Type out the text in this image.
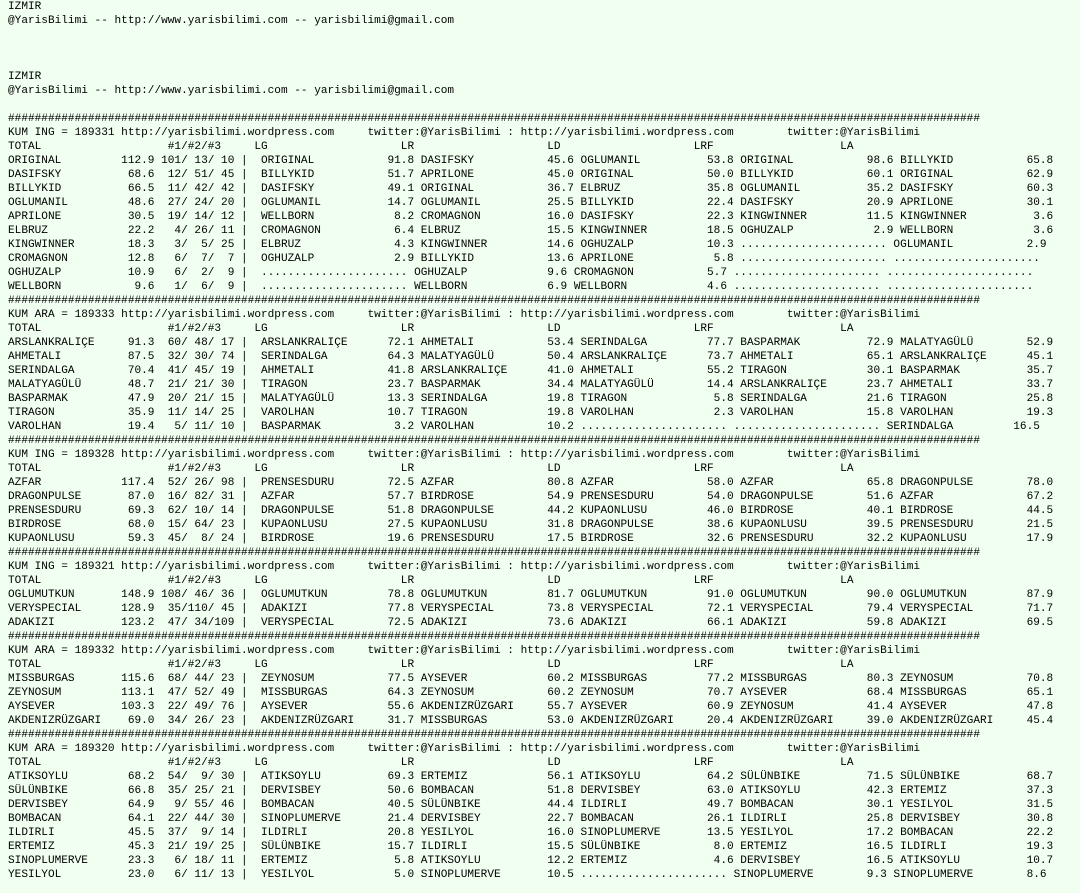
IZMIR
@YarisBilimi -- http://www.yarisbilimi.com -- yarisbilimi@gmail.com
IZMIR
@YarisBilimi -- http://www.yarisbilimi.com -- yarisbilimi@gmail.com
##################################################################################################################################################
KUM ING = 189331 http://yarisbilimi.wordpress.com     twitter:@YarisBilimi : http://yarisbilimi.wordpress.com        twitter:@YarisBilimi
TOTAL                   #1/#2/#3     LG                    LR                    LD                    LRF                   LA
ORIGINAL         112.9 101/ 13/ 10 |  ORIGINAL           91.8 DASIFSKY           45.6 OGLUMANIL          53.8 ORIGINAL           98.6 BILLYKID           65.8
DASIFSKY          68.6  12/ 51/ 45 |  BILLYKID           51.7 APRILONE           45.0 ORIGINAL           50.0 BILLYKID           60.1 ORIGINAL           62.9
BILLYKID          66.5  11/ 42/ 42 |  DASIFSKY           49.1 ORIGINAL           36.7 ELBRUZ             35.8 OGLUMANIL          35.2 DASIFSKY           60.3
OGLUMANIL         48.6  27/ 24/ 20 |  OGLUMANIL          14.7 OGLUMANIL          25.5 BILLYKID           22.4 DASIFSKY           20.9 APRILONE           30.1
APRILONE          30.5  19/ 14/ 12 |  WELLBORN            8.2 CROMAGNON          16.0 DASIFSKY           22.3 KINGWINNER         11.5 KINGWINNER          3.6
ELBRUZ            22.2   4/ 26/ 11 |  CROMAGNON           6.4 ELBRUZ             15.5 KINGWINNER         18.5 OGHUZALP            2.9 WELLBORN            3.6
KINGWINNER        18.3   3/  5/ 25 |  ELBRUZ              4.3 KINGWINNER         14.6 OGHUZALP           10.3 ...................... OGLUMANIL           2.9
CROMAGNON         12.8   6/  7/  7 |  OGHUZALP            2.9 BILLYKID           13.6 APRILONE            5.8 ...................... ......................
OGHUZALP          10.9   6/  2/  9 |  ...................... OGHUZALP            9.6 CROMAGNON           5.7 ...................... ......................
WELLBORN           9.6   1/  6/  9 |  ...................... WELLBORN            6.9 WELLBORN            4.6 ...................... ......................
##################################################################################################################################################
KUM ARA = 189333 http://yarisbilimi.wordpress.com     twitter:@YarisBilimi : http://yarisbilimi.wordpress.com        twitter:@YarisBilimi
TOTAL                   #1/#2/#3     LG                    LR                    LD                    LRF                   LA
ARSLANKRALIÇE     91.3  60/ 48/ 17 |  ARSLANKRALIÇE      72.1 AHMETALI           53.4 SERINDALGA         77.7 BASPARMAK          72.9 MALATYAGÜLÜ        52.9
AHMETALI          87.5  32/ 30/ 74 |  SERINDALGA         64.3 MALATYAGÜLÜ        50.4 ARSLANKRALIÇE      73.7 AHMETALI           65.1 ARSLANKRALIÇE      45.1
SERINDALGA        70.4  41/ 45/ 19 |  AHMETALI           41.8 ARSLANKRALIÇE      41.0 AHMETALI           55.2 TIRAGON            30.1 BASPARMAK          35.7
MALATYAGÜLÜ       48.7  21/ 21/ 30 |  TIRAGON            23.7 BASPARMAK          34.4 MALATYAGÜLÜ        14.4 ARSLANKRALIÇE      23.7 AHMETALI           33.7
BASPARMAK         47.9  20/ 21/ 15 |  MALATYAGÜLÜ        13.3 SERINDALGA         19.8 TIRAGON             5.8 SERINDALGA         21.6 TIRAGON            25.8
TIRAGON           35.9  11/ 14/ 25 |  VAROLHAN           10.7 TIRAGON            19.8 VAROLHAN            2.3 VAROLHAN           15.8 VAROLHAN           19.3
VAROLHAN          19.4   5/ 11/ 10 |  BASPARMAK           3.2 VAROLHAN           10.2 ...................... ...................... SERINDALGA         16.5
##################################################################################################################################################
KUM ING = 189328 http://yarisbilimi.wordpress.com     twitter:@YarisBilimi : http://yarisbilimi.wordpress.com        twitter:@YarisBilimi
TOTAL                   #1/#2/#3     LG                    LR                    LD                    LRF                   LA
AZFAR            117.4  52/ 26/ 98 |  PRENSESDURU        72.5 AZFAR              80.8 AZFAR              58.0 AZFAR              65.8 DRAGONPULSE        78.0
DRAGONPULSE       87.0  16/ 82/ 31 |  AZFAR              57.7 BIRDROSE           54.9 PRENSESDURU        54.0 DRAGONPULSE        51.6 AZFAR              67.2
PRENSESDURU       69.3  62/ 10/ 14 |  DRAGONPULSE        51.8 DRAGONPULSE        44.2 KUPAONLUSU         46.0 BIRDROSE           40.1 BIRDROSE           44.5
BIRDROSE          68.0  15/ 64/ 23 |  KUPAONLUSU         27.5 KUPAONLUSU         31.8 DRAGONPULSE        38.6 KUPAONLUSU         39.5 PRENSESDURU        21.5
KUPAONLUSU        59.3  45/  8/ 24 |  BIRDROSE           19.6 PRENSESDURU        17.5 BIRDROSE           32.6 PRENSESDURU        32.2 KUPAONLUSU         17.9
##################################################################################################################################################
KUM ING = 189321 http://yarisbilimi.wordpress.com     twitter:@YarisBilimi : http://yarisbilimi.wordpress.com        twitter:@YarisBilimi
TOTAL                   #1/#2/#3     LG                    LR                    LD                    LRF                   LA
OGLUMUTKUN       148.9 108/ 46/ 36 |  OGLUMUTKUN         78.8 OGLUMUTKUN         81.7 OGLUMUTKUN         91.0 OGLUMUTKUN         90.0 OGLUMUTKUN         87.9
VERYSPECIAL      128.9  35/110/ 45 |  ADAKIZI            77.8 VERYSPECIAL        73.8 VERYSPECIAL        72.1 VERYSPECIAL        79.4 VERYSPECIAL        71.7
ADAKIZI          123.2  47/ 34/109 |  VERYSPECIAL        72.5 ADAKIZI            73.6 ADAKIZI            66.1 ADAKIZI            59.8 ADAKIZI            69.5
##################################################################################################################################################
KUM ARA = 189332 http://yarisbilimi.wordpress.com     twitter:@YarisBilimi : http://yarisbilimi.wordpress.com        twitter:@YarisBilimi
TOTAL                   #1/#2/#3     LG                    LR                    LD                    LRF                   LA
MISSBURGAS       115.6  68/ 44/ 23 |  ZEYNOSUM           77.5 AYSEVER            60.2 MISSBURGAS         77.2 MISSBURGAS         80.3 ZEYNOSUM           70.8
ZEYNOSUM         113.1  47/ 52/ 49 |  MISSBURGAS         64.3 ZEYNOSUM           60.2 ZEYNOSUM           70.7 AYSEVER            68.4 MISSBURGAS         65.1
AYSEVER          103.3  22/ 49/ 76 |  AYSEVER            55.6 AKDENIZRÜZGARI     55.7 AYSEVER            60.9 ZEYNOSUM           41.4 AYSEVER            47.8
AKDENIZRÜZGARI    69.0  34/ 26/ 23 |  AKDENIZRÜZGARI     31.7 MISSBURGAS         53.0 AKDENIZRÜZGARI     20.4 AKDENIZRÜZGARI     39.0 AKDENIZRÜZGARI     45.4
##################################################################################################################################################
KUM ARA = 189320 http://yarisbilimi.wordpress.com     twitter:@YarisBilimi : http://yarisbilimi.wordpress.com        twitter:@YarisBilimi
TOTAL                   #1/#2/#3     LG                    LR                    LD                    LRF                   LA
ATIKSOYLU         68.2  54/  9/ 30 |  ATIKSOYLU          69.3 ERTEMIZ            56.1 ATIKSOYLU          64.2 SÜLÜNBIKE          71.5 SÜLÜNBIKE          68.7
SÜLÜNBIKE         66.8  35/ 25/ 21 |  DERVISBEY          50.6 BOMBACAN           51.8 DERVISBEY          63.0 ATIKSOYLU          42.3 ERTEMIZ            37.3
DERVISBEY         64.9   9/ 55/ 46 |  BOMBACAN           40.5 SÜLÜNBIKE          44.4 ILDIRLI            49.7 BOMBACAN           30.1 YESILYOL           31.5
BOMBACAN          64.1  22/ 44/ 30 |  SINOPLUMERVE       21.4 DERVISBEY          22.7 BOMBACAN           26.1 ILDIRLI            25.8 DERVISBEY          30.8
ILDIRLI           45.5  37/  9/ 14 |  ILDIRLI            20.8 YESILYOL           16.0 SINOPLUMERVE       13.5 YESILYOL           17.2 BOMBACAN           22.2
ERTEMIZ           45.3  21/ 19/ 25 |  SÜLÜNBIKE          15.7 ILDIRLI            15.5 SÜLÜNBIKE           8.0 ERTEMIZ            16.5 ILDIRLI            19.3
SINOPLUMERVE      23.3   6/ 18/ 11 |  ERTEMIZ             5.8 ATIKSOYLU          12.2 ERTEMIZ             4.6 DERVISBEY          16.5 ATIKSOYLU          10.7
YESILYOL          23.0   6/ 11/ 13 |  YESILYOL            5.0 SINOPLUMERVE       10.5 ...................... SINOPLUMERVE        9.3 SINOPLUMERVE        8.6
